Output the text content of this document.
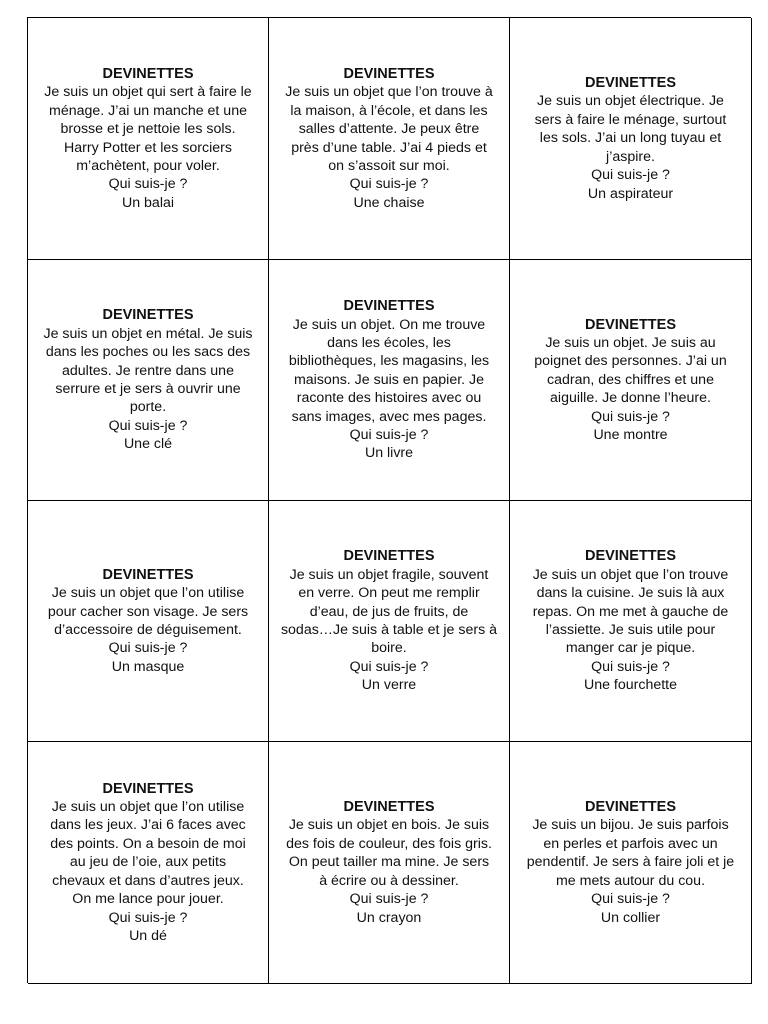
DEVINETTES
Je suis un objet qui sert à faire le
ménage. J’ai un manche et une
brosse et je nettoie les sols.
Harry Potter et les sorciers
m’achètent, pour voler.
Qui suis-je ?
Un balai
DEVINETTES
Je suis un objet que l’on trouve à
la maison, à l’école, et dans les
salles d’attente. Je peux être
près d’une table. J’ai 4 pieds et
on s’assoit sur moi.
Qui suis-je ?
Une chaise
DEVINETTES
Je suis un objet électrique. Je
sers à faire le ménage, surtout
les sols. J’ai un long tuyau et
j’aspire.
Qui suis-je ?
Un aspirateur
DEVINETTES
Je suis un objet en métal. Je suis
dans les poches ou les sacs des
adultes. Je rentre dans une
serrure et je sers à ouvrir une
porte.
Qui suis-je ?
Une clé
DEVINETTES
Je suis un objet. On me trouve
dans les écoles, les
bibliothèques, les magasins, les
maisons. Je suis en papier. Je
raconte des histoires avec ou
sans images, avec mes pages.
Qui suis-je ?
Un livre
DEVINETTES
Je suis un objet. Je suis au
poignet des personnes. J’ai un
cadran, des chiffres et une
aiguille. Je donne l’heure.
Qui suis-je ?
Une montre
DEVINETTES
Je suis un objet que l’on utilise
pour cacher son visage. Je sers
d’accessoire de déguisement.
Qui suis-je ?
Un masque
DEVINETTES
Je suis un objet fragile, souvent
en verre. On peut me remplir
d’eau, de jus de fruits, de
sodas…Je suis à table et je sers à
boire.
Qui suis-je ?
Un verre
DEVINETTES
Je suis un objet que l’on trouve
dans la cuisine. Je suis là aux
repas. On me met à gauche de
l’assiette. Je suis utile pour
manger car je pique.
Qui suis-je ?
Une fourchette
DEVINETTES
Je suis un objet que l’on utilise
dans les jeux. J’ai 6 faces avec
des points. On a besoin de moi
au jeu de l’oie, aux petits
chevaux et dans d’autres jeux.
On me lance pour jouer.
Qui suis-je ?
Un dé
DEVINETTES
Je suis un objet en bois. Je suis
des fois de couleur, des fois gris.
On peut tailler ma mine. Je sers
à écrire ou à dessiner.
Qui suis-je ?
Un crayon
DEVINETTES
Je suis un bijou. Je suis parfois
en perles et parfois avec un
pendentif. Je sers à faire joli et je
me mets autour du cou.
Qui suis-je ?
Un collier
